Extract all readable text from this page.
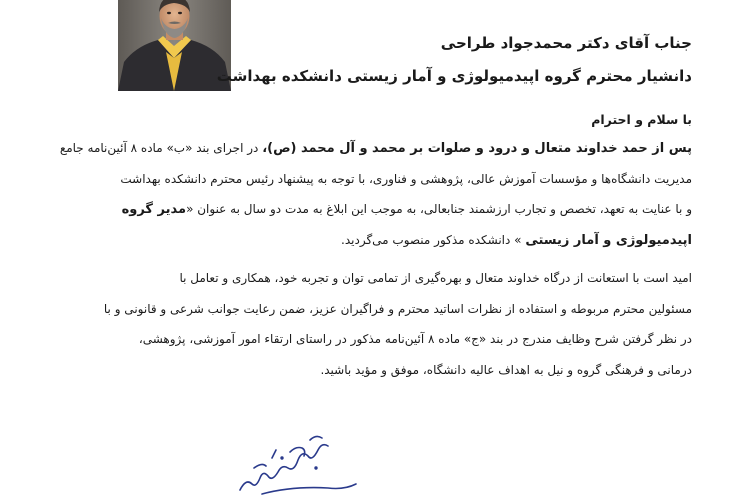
جناب آقای دکتر محمدجواد طراحی
دانشیار محترم گروه اپیدمیولوژی و آمار زیستی دانشکده بهداشت
با سلام و احترام
پس از حمد خداوند متعال و درود و صلوات بر محمد و آل محمد (ص)، در اجرای بند «ب» ماده ۸ آئین‌نامه جامع
مدیریت دانشگاه‌ها و مؤسسات آموزش عالی، پژوهشی و فناوری، با توجه به پیشنهاد رئیس محترم دانشکده بهداشت
و با عنایت به تعهد، تخصص و تجارب ارزشمند جنابعالی، به موجب این ابلاغ به مدت دو سال به عنوان «مدیر گروه
اپیدمیولوژی و آمار زیستی » دانشکده مذکور منصوب می‌گردید.
امید است با استعانت از درگاه خداوند متعال و بهره‌گیری از تمامی توان و تجربه خود، همکاری و تعامل با
مسئولین محترم مربوطه و استفاده از نظرات اساتید محترم و فراگیران عزیز، ضمن رعایت جوانب شرعی و قانونی و با
در نظر گرفتن شرح وظایف مندرج در بند «ج» ماده ۸ آئین‌نامه مذکور در راستای ارتقاء امور آموزشی، پژوهشی،
درمانی و فرهنگی گروه و نیل به اهداف عالیه دانشگاه، موفق و مؤید باشید.
